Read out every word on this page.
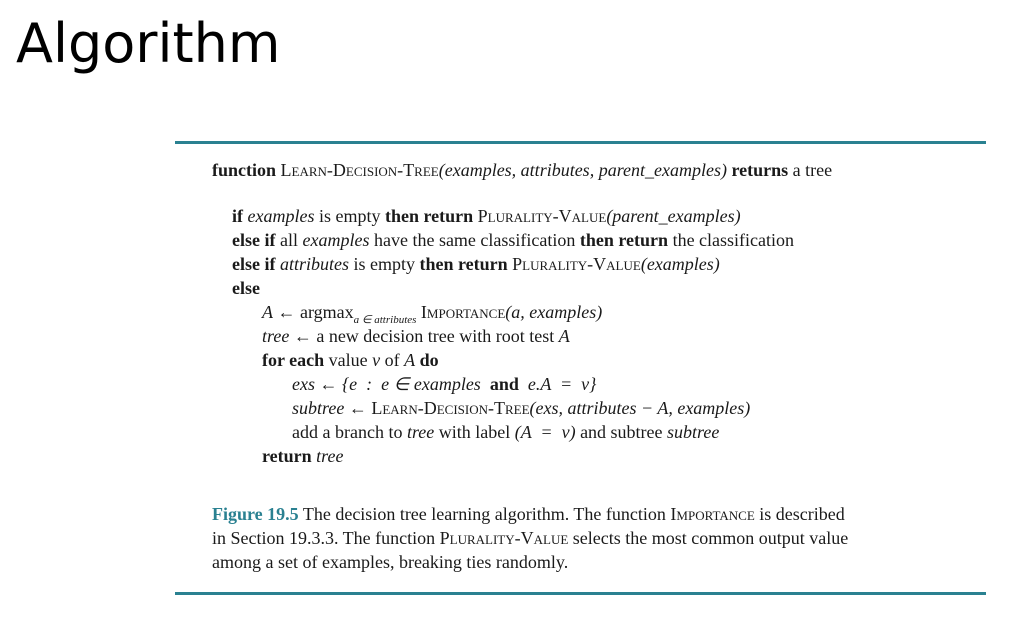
Algorithm
function Learn-Decision-Tree(examples, attributes, parent_examples) returns a tree
if examples is empty then return Plurality-Value(parent_examples)
else if all examples have the same classification then return the classification
else if attributes is empty then return Plurality-Value(examples)
else
A ← argmax$_{a \in attributes}$ Importance(a, examples)
tree ← a new decision tree with root test A
for each value v of A do
exs ← {e  :  e ∈ examples and e.A  =  v}
subtree ← Learn-Decision-Tree(exs, attributes − A, examples)
add a branch to tree with label (A  =  v) and subtree subtree
return tree
Figure 19.5 The decision tree learning algorithm. The function Importance is described
in Section 19.3.3. The function Plurality-Value selects the most common output value
among a set of examples, breaking ties randomly.
